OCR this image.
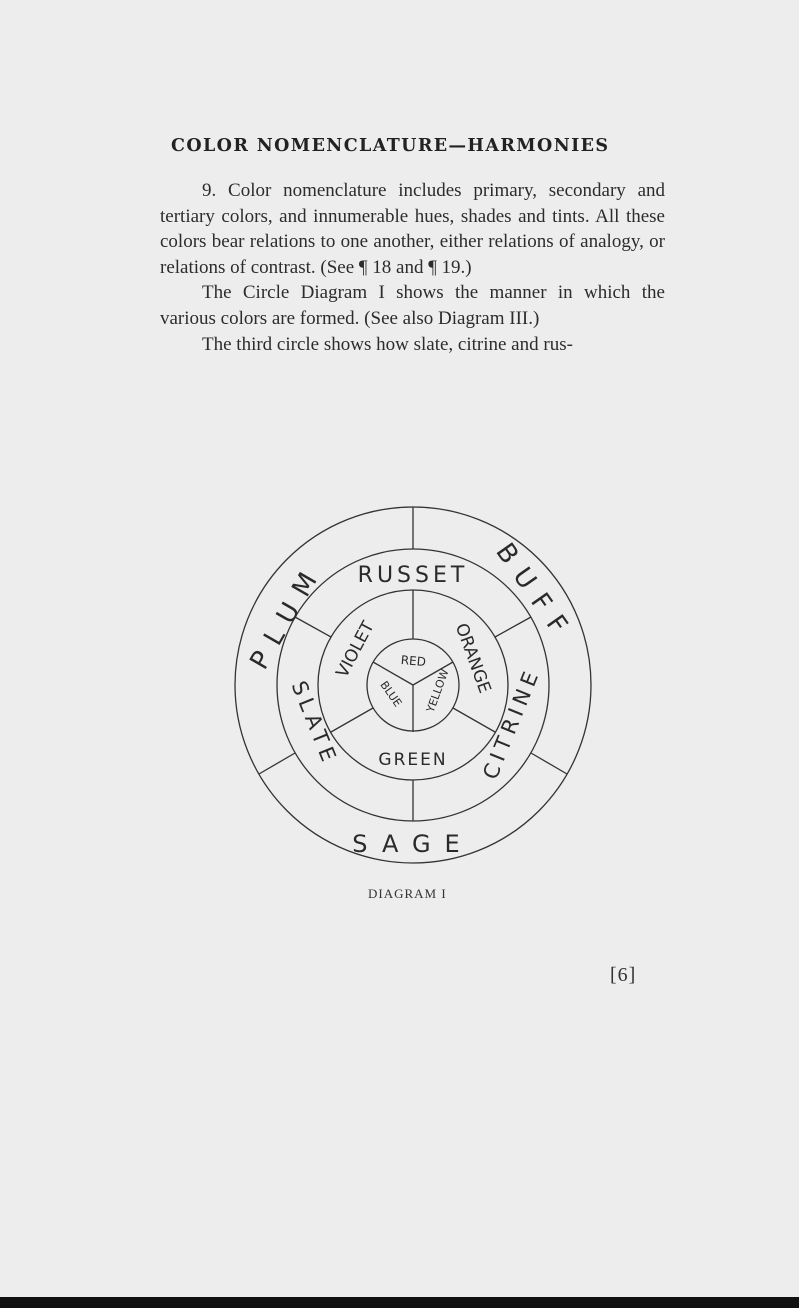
COLOR NOMENCLATURE—HARMONIES

9. Color nomenclature includes primary, secondary and tertiary colors, and innumerable hues, shades and tints. All these colors bear relations to one another, either relations of analogy, or relations of contrast. (See ¶ 18 and ¶ 19.)

The Circle Diagram I shows the manner in which the various colors are formed. (See also Diagram III.)

The third circle shows how slate, citrine and rus-

RED
YELLOW
BLUE	ORANGE
GREEN
VIOLET
RUSSET
CITRINE
SLATE
BUFF
SAGE
PLUM
DIAGRAM I
[6]
